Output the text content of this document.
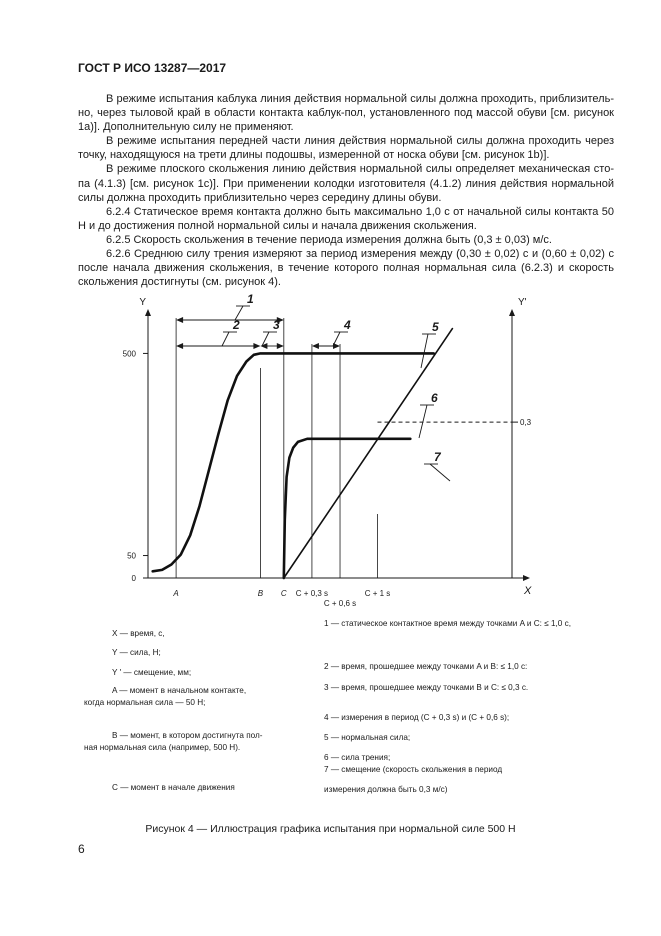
ГОСТ Р ИСО 13287—2017

В режиме испытания каблука линия действия нормальной силы должна проходить, приблизительно, через тыловой край в области контакта каблук-пол, установленного под массой обуви [см. рисунок 1a)]. Дополнительную силу не применяют.

В режиме испытания передней части линия действия нормальной силы должна проходить через точку, находящуюся на трети длины подошвы, измеренной от носка обуви [см. рисунок 1b)].

В режиме плоского скольжения линию действия нормальной силы определяет механическая стопа (4.1.3) [см. рисунок 1c)]. При применении колодки изготовителя (4.1.2) линия действия нормальной силы должна проходить приблизительно через середину длины обуви.

6.2.4 Статическое время контакта должно быть максимально 1,0 с от начальной силы контакта 50 Н и до достижения полной нормальной силы и начала движения скольжения.

6.2.5 Скорость скольжения в течение периода измерения должна быть (0,3 ± 0,03) м/с.

6.2.6 Среднюю силу трения измеряют за период измерения между (0,30 ± 0,02) с и (0,60 ± 0,02) с после начала движения скольжения, в течение которого полная нормальная сила (6.2.3) и скорость скольжения достигнуты (см. рисунок 4).

Y	Y'
X
0
50
500
A	B C C + 0,3 s
C + 0,6 s
C + 1 s
0,3
1
2	3	4	5
6
7
X — время, с,
Y — сила, Н;
Y ' — смещение, мм;
A — момент в начальном контакте, когда нормальная сила — 50 Н;
B — момент, в котором достигнута полная нормальная сила (например, 500 Н).
C — момент в начале движения
1 — статическое контактное время между точками A и C: ≤ 1,0 с,
2 — время, прошедшее между точками A и B: ≤ 1,0 с:
3 — время, прошедшее между точками B и C: ≤ 0,3 с.
4 — измерения в период (C + 0,3 s) и (C + 0,6 s);
5 — нормальная сила;
6 — сила трения;
7 — смещение (скорость скольжения в период
измерения должна быть 0,3 м/с)
Рисунок 4 — Иллюстрация графика испытания при нормальной силе 500 Н
6
